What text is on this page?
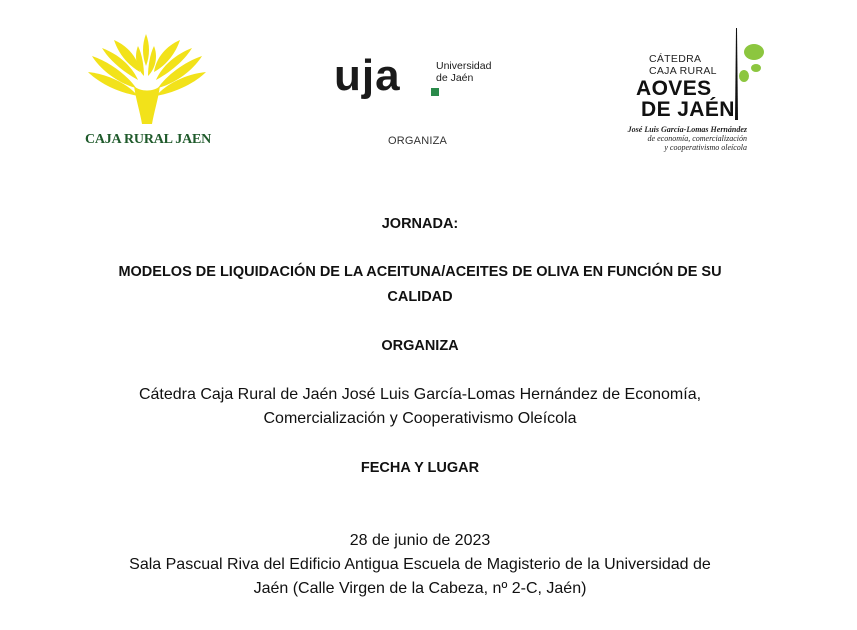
CAJA RURAL JAEN
uja	Universidad
de Jaén
ORGANIZA
CÁTEDRA
CAJA RURAL
AOVES
DE JAÉN
José Luis García-Lomas Hernández
de economía, comercialización
y cooperativismo oleícola
JORNADA:
MODELOS DE LIQUIDACIÓN DE LA ACEITUNA/ACEITES DE OLIVA EN FUNCIÓN DE SU
CALIDAD
ORGANIZA
Cátedra Caja Rural de Jaén José Luis García-Lomas Hernández de Economía,
Comercialización y Cooperativismo Oleícola
FECHA Y LUGAR
28 de junio de 2023
Sala Pascual Riva del Edificio Antigua Escuela de Magisterio de la Universidad de
Jaén (Calle Virgen de la Cabeza, nº 2-C, Jaén)
